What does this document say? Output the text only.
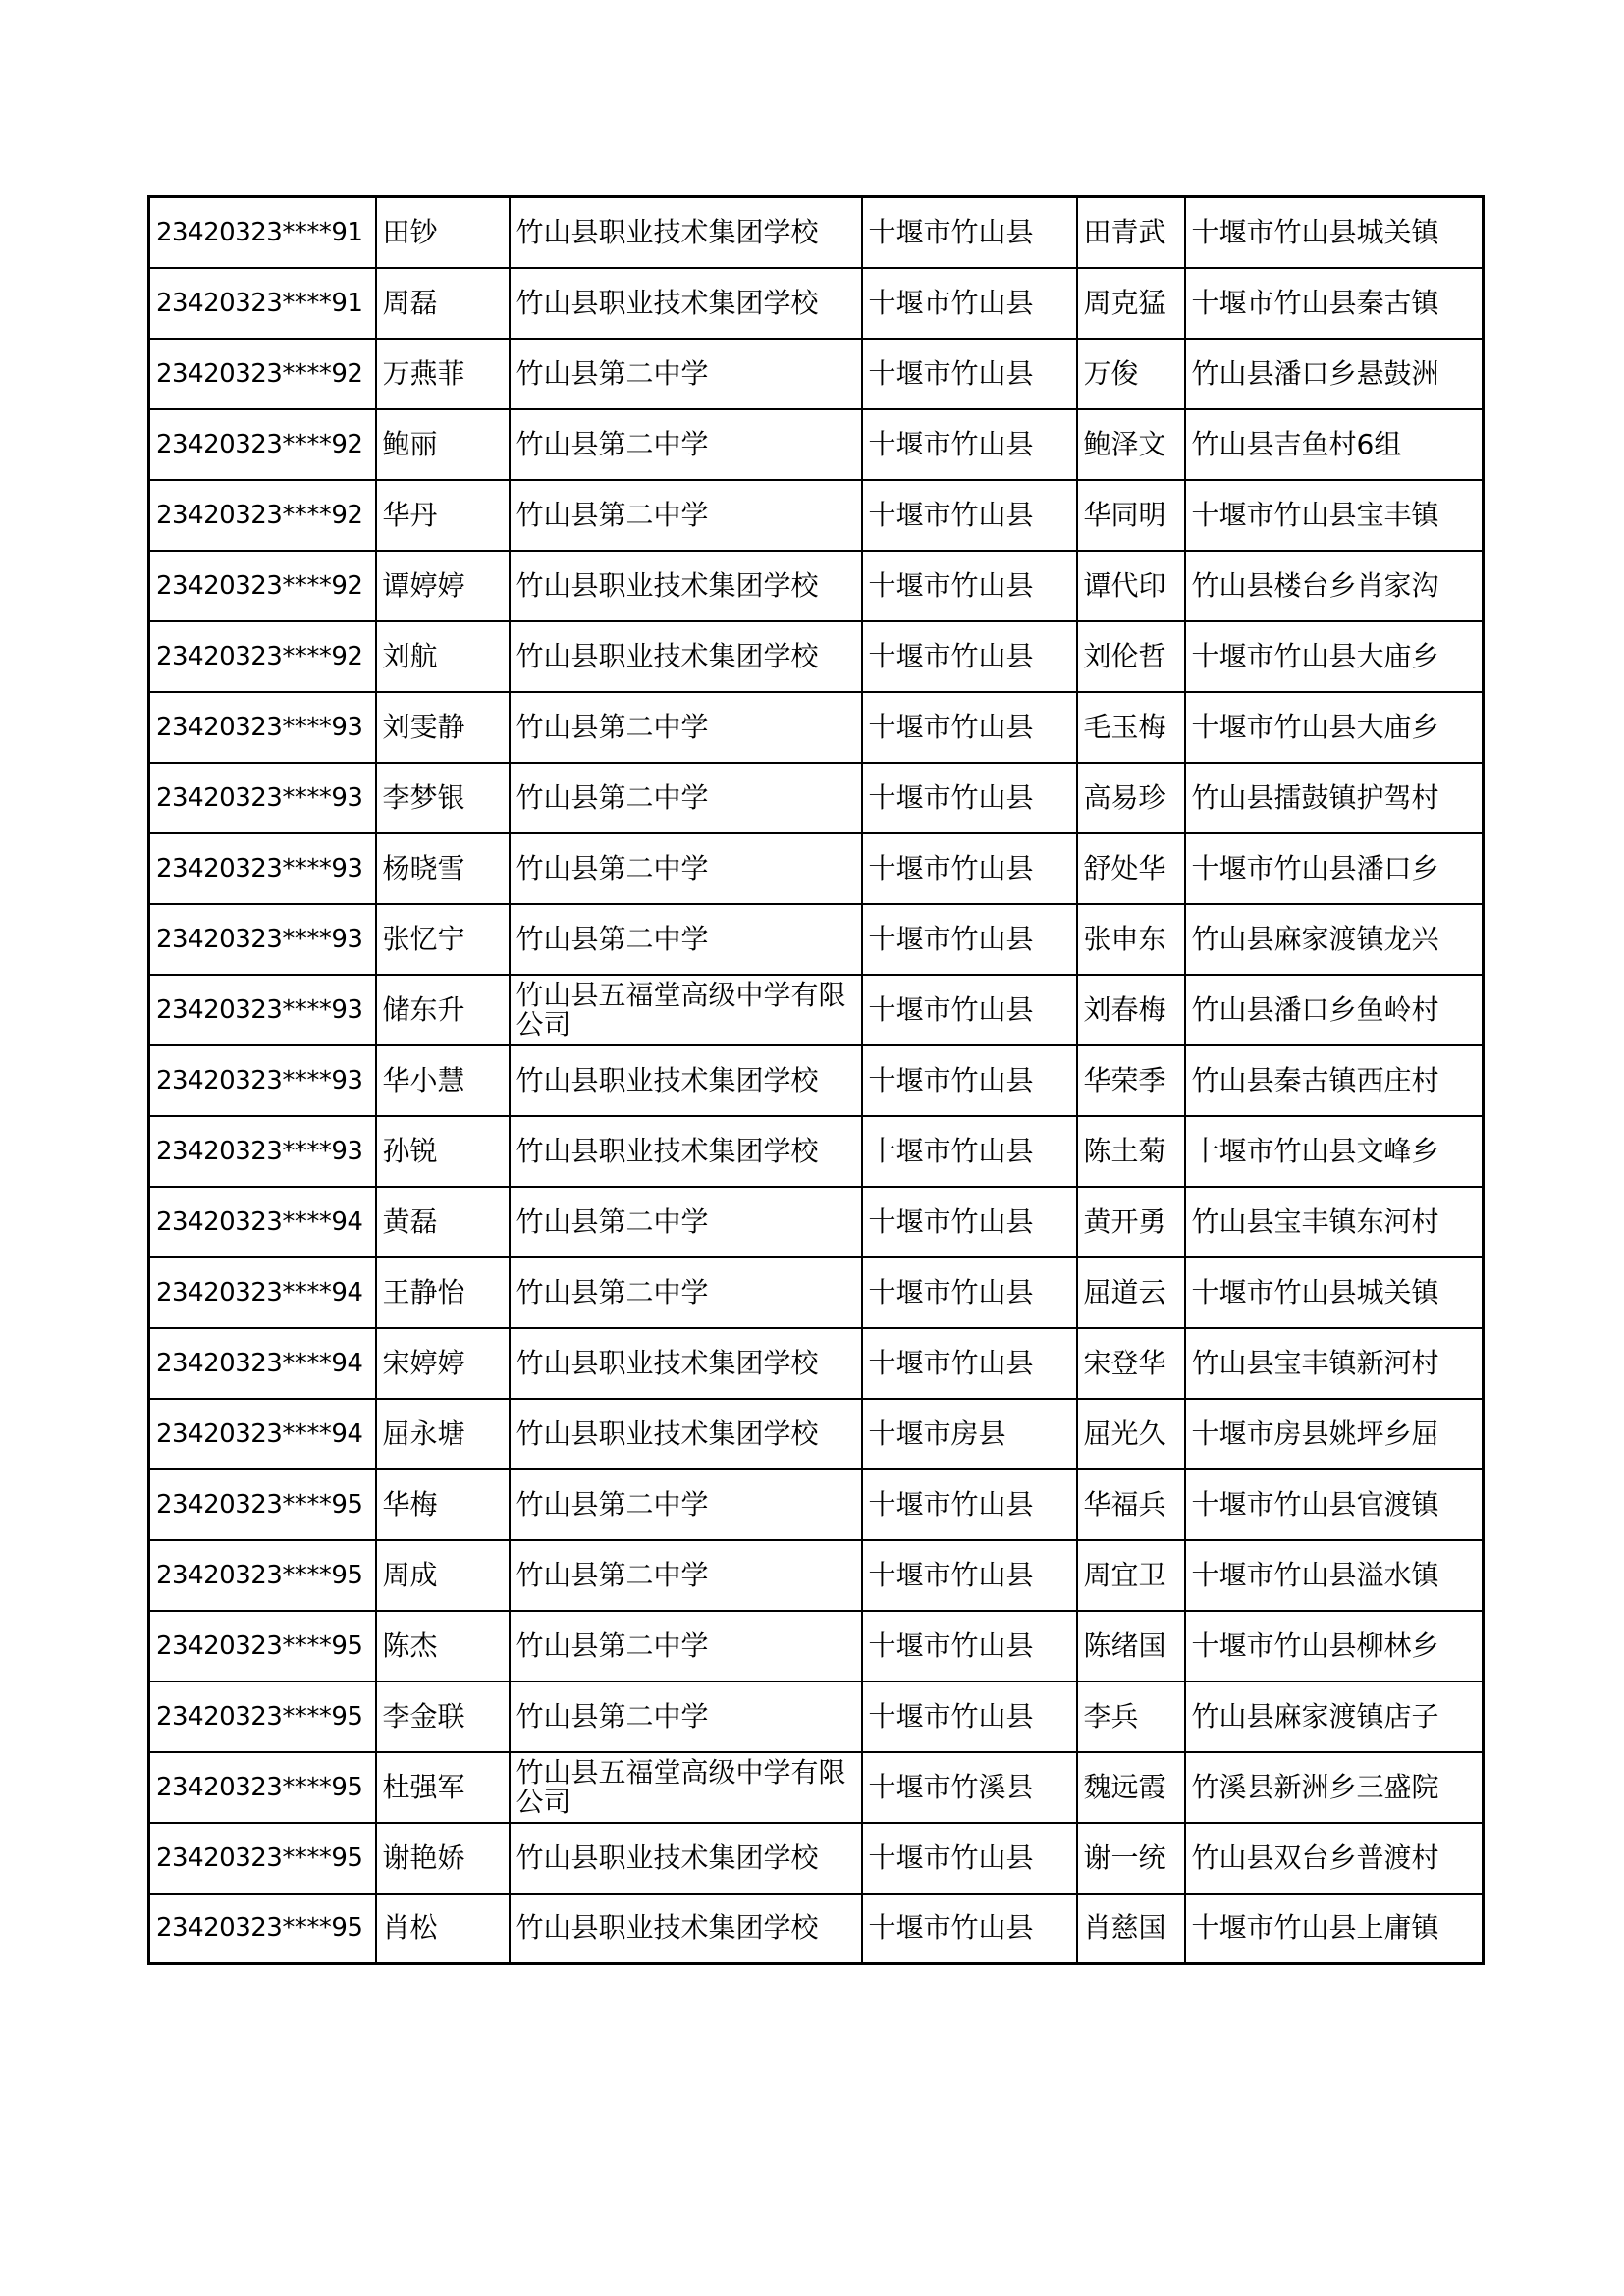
23420323****91	田钞	竹山县职业技术集团学校	十堰市竹山县	田青武	十堰市竹山县城关镇
23420323****91	周磊	竹山县职业技术集团学校	十堰市竹山县	周克猛	十堰市竹山县秦古镇
23420323****92	万燕菲	竹山县第二中学	十堰市竹山县	万俊	竹山县潘口乡悬鼓洲
23420323****92	鲍丽	竹山县第二中学	十堰市竹山县	鲍泽文	竹山县吉鱼村6组
23420323****92	华丹	竹山县第二中学	十堰市竹山县	华同明	十堰市竹山县宝丰镇
23420323****92	谭婷婷	竹山县职业技术集团学校	十堰市竹山县	谭代印	竹山县楼台乡肖家沟
23420323****92	刘航	竹山县职业技术集团学校	十堰市竹山县	刘伦哲	十堰市竹山县大庙乡
23420323****93	刘雯静	竹山县第二中学	十堰市竹山县	毛玉梅	十堰市竹山县大庙乡
23420323****93	李梦银	竹山县第二中学	十堰市竹山县	高易珍	竹山县擂鼓镇护驾村
23420323****93	杨晓雪	竹山县第二中学	十堰市竹山县	舒处华	十堰市竹山县潘口乡
23420323****93	张忆宁	竹山县第二中学	十堰市竹山县	张申东	竹山县麻家渡镇龙兴
23420323****93	储东升	竹山县五福堂高级中学有限公司	十堰市竹山县	刘春梅	竹山县潘口乡鱼岭村
23420323****93	华小慧	竹山县职业技术集团学校	十堰市竹山县	华荣季	竹山县秦古镇西庄村
23420323****93	孙锐	竹山县职业技术集团学校	十堰市竹山县	陈土菊	十堰市竹山县文峰乡
23420323****94	黄磊	竹山县第二中学	十堰市竹山县	黄开勇	竹山县宝丰镇东河村
23420323****94	王静怡	竹山县第二中学	十堰市竹山县	屈道云	十堰市竹山县城关镇
23420323****94	宋婷婷	竹山县职业技术集团学校	十堰市竹山县	宋登华	竹山县宝丰镇新河村
23420323****94	屈永塘	竹山县职业技术集团学校	十堰市房县	屈光久	十堰市房县姚坪乡屈
23420323****95	华梅	竹山县第二中学	十堰市竹山县	华福兵	十堰市竹山县官渡镇
23420323****95	周成	竹山县第二中学	十堰市竹山县	周宜卫	十堰市竹山县溢水镇
23420323****95	陈杰	竹山县第二中学	十堰市竹山县	陈绪国	十堰市竹山县柳林乡
23420323****95	李金联	竹山县第二中学	十堰市竹山县	李兵	竹山县麻家渡镇店子
23420323****95	杜强军	竹山县五福堂高级中学有限公司	十堰市竹溪县	魏远霞	竹溪县新洲乡三盛院
23420323****95	谢艳娇	竹山县职业技术集团学校	十堰市竹山县	谢一统	竹山县双台乡普渡村
23420323****95	肖松	竹山县职业技术集团学校	十堰市竹山县	肖慈国	十堰市竹山县上庸镇
